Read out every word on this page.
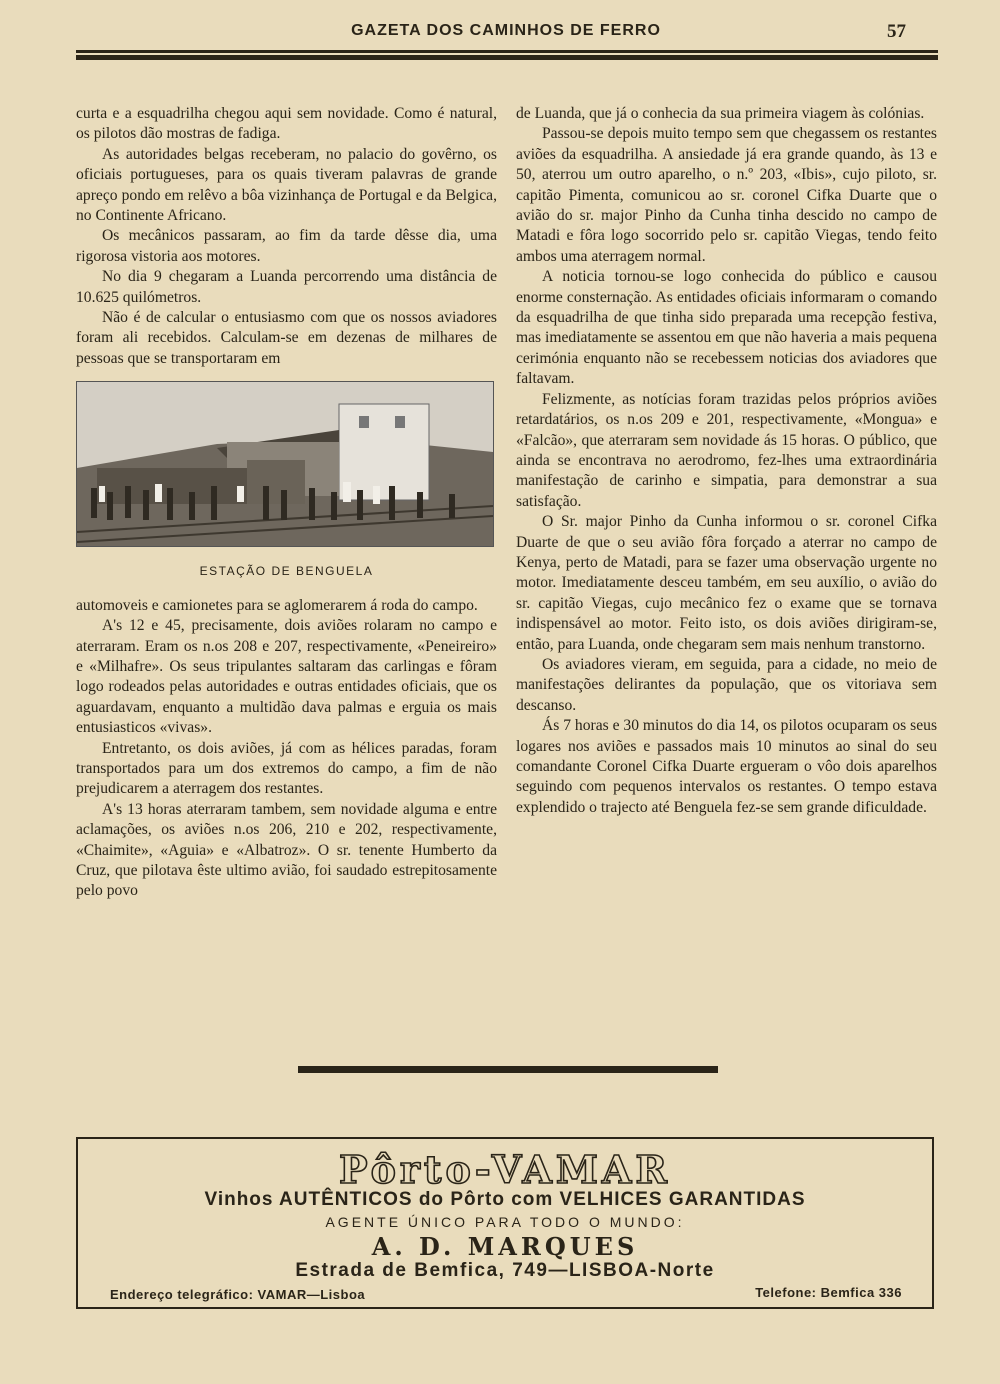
GAZETA DOS CAMINHOS DE FERRO	57

curta e a esquadrilha chegou aqui sem novidade. Como é natural, os pilotos dão mostras de fadiga.

As autoridades belgas receberam, no palacio do govêrno, os oficiais portugueses, para os quais tiveram palavras de grande apreço pondo em relêvo a bôa vizinhança de Portugal e da Belgica, no Continente Africano.

Os mecânicos passaram, ao fim da tarde dêsse dia, uma rigorosa vistoria aos motores.

No dia 9 chegaram a Luanda percorrendo uma distância de 10.625 quilómetros.

Não é de calcular o entusiasmo com que os nossos aviadores foram ali recebidos. Calculam-se em dezenas de milhares de pessoas que se transportaram em

ESTAÇÃO DE BENGUELA

automoveis e camionetes para se aglomerarem á roda do campo.

A's 12 e 45, precisamente, dois aviões rolaram no campo e aterraram. Eram os n.os 208 e 207, respectivamente, «Peneireiro» e «Milhafre». Os seus tripulantes saltaram das carlingas e fôram logo rodeados pelas autoridades e outras entidades oficiais, que os aguardavam, enquanto a multidão dava palmas e erguia os mais entusiasticos «vivas».

Entretanto, os dois aviões, já com as hélices paradas, foram transportados para um dos extremos do campo, a fim de não prejudicarem a aterragem dos restantes.

A's 13 horas aterraram tambem, sem novidade alguma e entre aclamações, os aviões n.os 206, 210 e 202, respectivamente, «Chaimite», «Aguia» e «Albatroz». O sr. tenente Humberto da Cruz, que pilotava êste ultimo avião, foi saudado estrepitosamente pelo povo

de Luanda, que já o conhecia da sua primeira viagem às colónias.

Passou-se depois muito tempo sem que chegassem os restantes aviões da esquadrilha. A ansiedade já era grande quando, às 13 e 50, aterrou um outro aparelho, o n.º 203, «Ibis», cujo piloto, sr. capitão Pimenta, comunicou ao sr. coronel Cifka Duarte que o avião do sr. major Pinho da Cunha tinha descido no campo de Matadi e fôra logo socorrido pelo sr. capitão Viegas, tendo feito ambos uma aterragem normal.

A noticia tornou-se logo conhecida do público e causou enorme consternação. As entidades oficiais informaram o comando da esquadrilha de que tinha sido preparada uma recepção festiva, mas imediatamente se assentou em que não haveria a mais pequena cerimónia enquanto não se recebessem noticias dos aviadores que faltavam.

Felizmente, as notícias foram trazidas pelos próprios aviões retardatários, os n.os 209 e 201, respectivamente, «Mongua» e «Falcão», que aterraram sem novidade ás 15 horas. O público, que ainda se encontrava no aerodromo, fez-lhes uma extraordinária manifestação de carinho e simpatia, para demonstrar a sua satisfação.

O Sr. major Pinho da Cunha informou o sr. coronel Cifka Duarte de que o seu avião fôra forçado a aterrar no campo de Kenya, perto de Matadi, para se fazer uma observação urgente no motor. Imediatamente desceu também, em seu auxílio, o avião do sr. capitão Viegas, cujo mecânico fez o exame que se tornava indispensável ao motor. Feito isto, os dois aviões dirigiram-se, então, para Luanda, onde chegaram sem mais nenhum transtorno.

Os aviadores vieram, em seguida, para a cidade, no meio de manifestações delirantes da população, que os vitoriava sem descanso.

Ás 7 horas e 30 minutos do dia 14, os pilotos ocuparam os seus logares nos aviões e passados mais 10 minutos ao sinal do seu comandante Coronel Cifka Duarte ergueram o vôo dois aparelhos seguindo com pequenos intervalos os restantes. O tempo estava explendido o trajecto até Benguela fez-se sem grande dificuldade.

Pôrto-VAMAR
Vinhos AUTÊNTICOS do Pôrto com VELHICES GARANTIDAS
AGENTE ÚNICO PARA TODO O MUNDO:
A. D. MARQUES
Estrada de Bemfica, 749—LISBOA-Norte
Endereço telegráfico: VAMAR—Lisboa	Telefone: Bemfica 336
